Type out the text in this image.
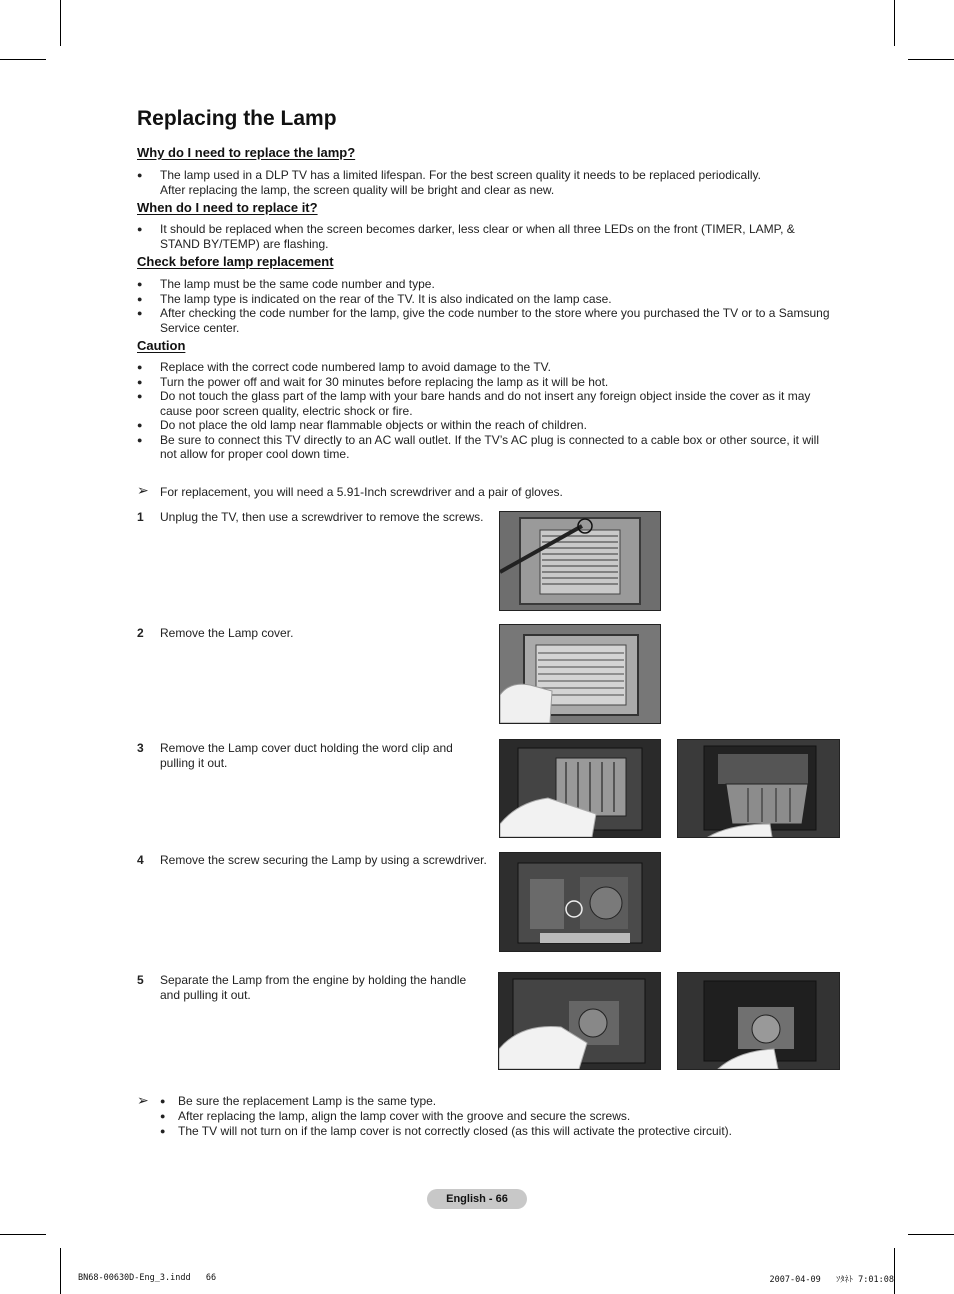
Replacing the Lamp
Why do I need to replace the lamp?
● The lamp used in a DLP TV has a limited lifespan. For the best screen quality it needs to be replaced periodically.
After replacing the lamp, the screen quality will be bright and clear as new.
When do I need to replace it?
● It should be replaced when the screen becomes darker, less clear or when all three LEDs on the front (TIMER, LAMP, & STAND BY/TEMP) are flashing.
Check before lamp replacement
● The lamp must be the same code number and type.
● The lamp type is indicated on the rear of the TV. It is also indicated on the lamp case.
● After checking the code number for the lamp, give the code number to the store where you purchased the TV or to a Samsung Service center.
Caution
● Replace with the correct code numbered lamp to avoid damage to the TV.
● Turn the power off and wait for 30 minutes before replacing the lamp as it will be hot.
● Do not touch the glass part of the lamp with your bare hands and do not insert any foreign object inside the cover as it may cause poor screen quality, electric shock or fire.
● Do not place the old lamp near flammable objects or within the reach of children.
● Be sure to connect this TV directly to an AC wall outlet. If the TV’s AC plug is connected to a cable box or other source, it will not allow for proper cool down time.
➢ For replacement, you will need a 5.91-Inch screwdriver and a pair of gloves.
1 Unplug the TV, then use a screwdriver to remove the screws.
2 Remove the Lamp cover.
3 Remove the Lamp cover duct holding the word clip and pulling it out.
4 Remove the screw securing the Lamp by using a screwdriver.
5 Separate the Lamp from the engine by holding the handle and pulling it out.
➢ ● Be sure the replacement Lamp is the same type.
● After replacing the lamp, align the lamp cover with the groove and secure the screws.
● The TV will not turn on if the lamp cover is not correctly closed (as this will activate the protective circuit).
English - 66
BN68-00630D-Eng_3.indd   66	2007-04-09   ｿﾀﾈﾄ 7:01:08
